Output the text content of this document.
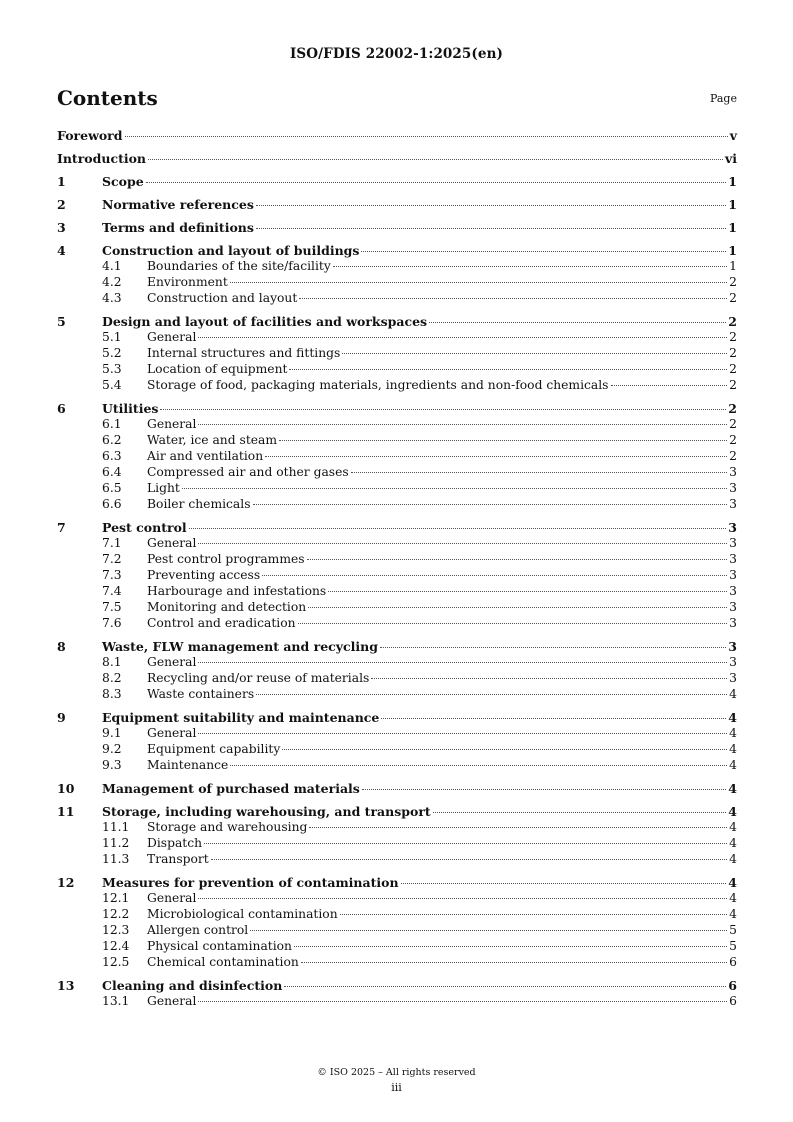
ISO/FDIS 22002-1:2025(en)
Contents	Page
Foreword	v
Introduction	vi
1	Scope	1
2	Normative references	1
3	Terms and definitions	1
4	Construction and layout of buildings	1
4.1	Boundaries of the site/facility	1
4.2	Environment	2
4.3	Construction and layout	2
5	Design and layout of facilities and workspaces	2
5.1	General	2
5.2	Internal structures and fittings	2
5.3	Location of equipment	2
5.4	Storage of food, packaging materials, ingredients and non-food chemicals	2
6	Utilities	2
6.1	General	2
6.2	Water, ice and steam	2
6.3	Air and ventilation	2
6.4	Compressed air and other gases	3
6.5	Light	3
6.6	Boiler chemicals	3
7	Pest control	3
7.1	General	3
7.2	Pest control programmes	3
7.3	Preventing access	3
7.4	Harbourage and infestations	3
7.5	Monitoring and detection	3
7.6	Control and eradication	3
8	Waste, FLW management and recycling	3
8.1	General	3
8.2	Recycling and/or reuse of materials	3
8.3	Waste containers	4
9	Equipment suitability and maintenance	4
9.1	General	4
9.2	Equipment capability	4
9.3	Maintenance	4
10	Management of purchased materials	4
11	Storage, including warehousing, and transport	4
11.1	Storage and warehousing	4
11.2	Dispatch	4
11.3	Transport	4
12	Measures for prevention of contamination	4
12.1	General	4
12.2	Microbiological contamination	4
12.3	Allergen control	5
12.4	Physical contamination	5
12.5	Chemical contamination	6
13	Cleaning and disinfection	6
13.1	General	6
© ISO 2025 – All rights reserved
iii
